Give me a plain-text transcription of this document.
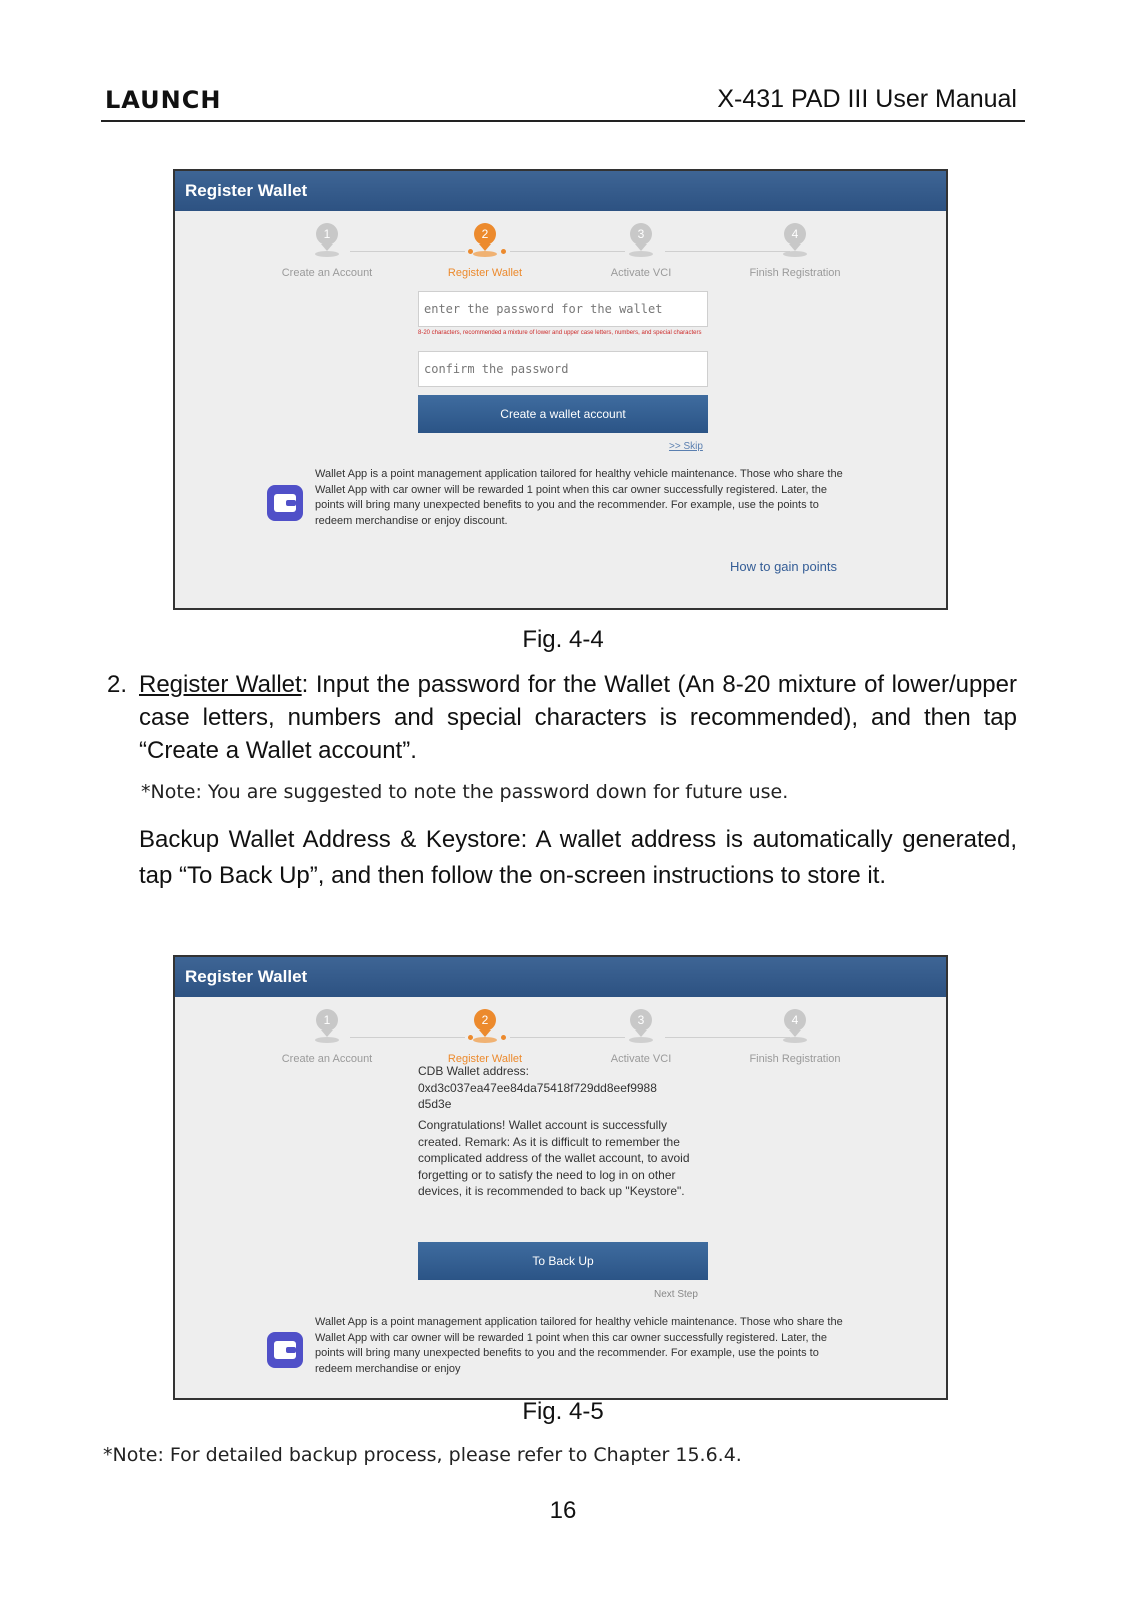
LAUNCH	X-431 PAD III User Manual
Register Wallet
1
Create an Account
2
Register Wallet
3
Activate VCI
4
Finish Registration
enter the password for the wallet
8-20 characters, recommended a mixture of lower and upper case letters, numbers, and special characters
confirm the password
Create a wallet account
>> Skip
Wallet App is a point management application tailored for healthy vehicle maintenance. Those who share the Wallet App with car owner will be rewarded 1 point when this car owner successfully registered. Later, the points will bring many unexpected benefits to you and the recommender. For example, use the points to redeem merchandise or enjoy discount.
How to gain points
Fig. 4-4
2. Register Wallet: Input the password for the Wallet (An 8-20 mixture of lower/upper case letters, numbers and special characters is recommended), and then tap “Create a Wallet account”.
*Note: You are suggested to note the password down for future use.
Backup Wallet Address & Keystore: A wallet address is automatically generated, tap “To Back Up”, and then follow the on-screen instructions to store it.
Register Wallet
1
Create an Account
2
Register Wallet
3
Activate VCI
4
Finish Registration
CDB Wallet address:
0xd3c037ea47ee84da75418f729dd8eef9988
d5d3e
Congratulations! Wallet account is successfully created. Remark: As it is difficult to remember the complicated address of the wallet account, to avoid forgetting or to satisfy the need to log in on other devices, it is recommended to back up "Keystore".
To Back Up
Next Step
Wallet App is a point management application tailored for healthy vehicle maintenance. Those who share the Wallet App with car owner will be rewarded 1 point when this car owner successfully registered. Later, the points will bring many unexpected benefits to you and the recommender. For example, use the points to redeem merchandise or enjoy
Fig. 4-5
*Note: For detailed backup process, please refer to Chapter 15.6.4.
16
